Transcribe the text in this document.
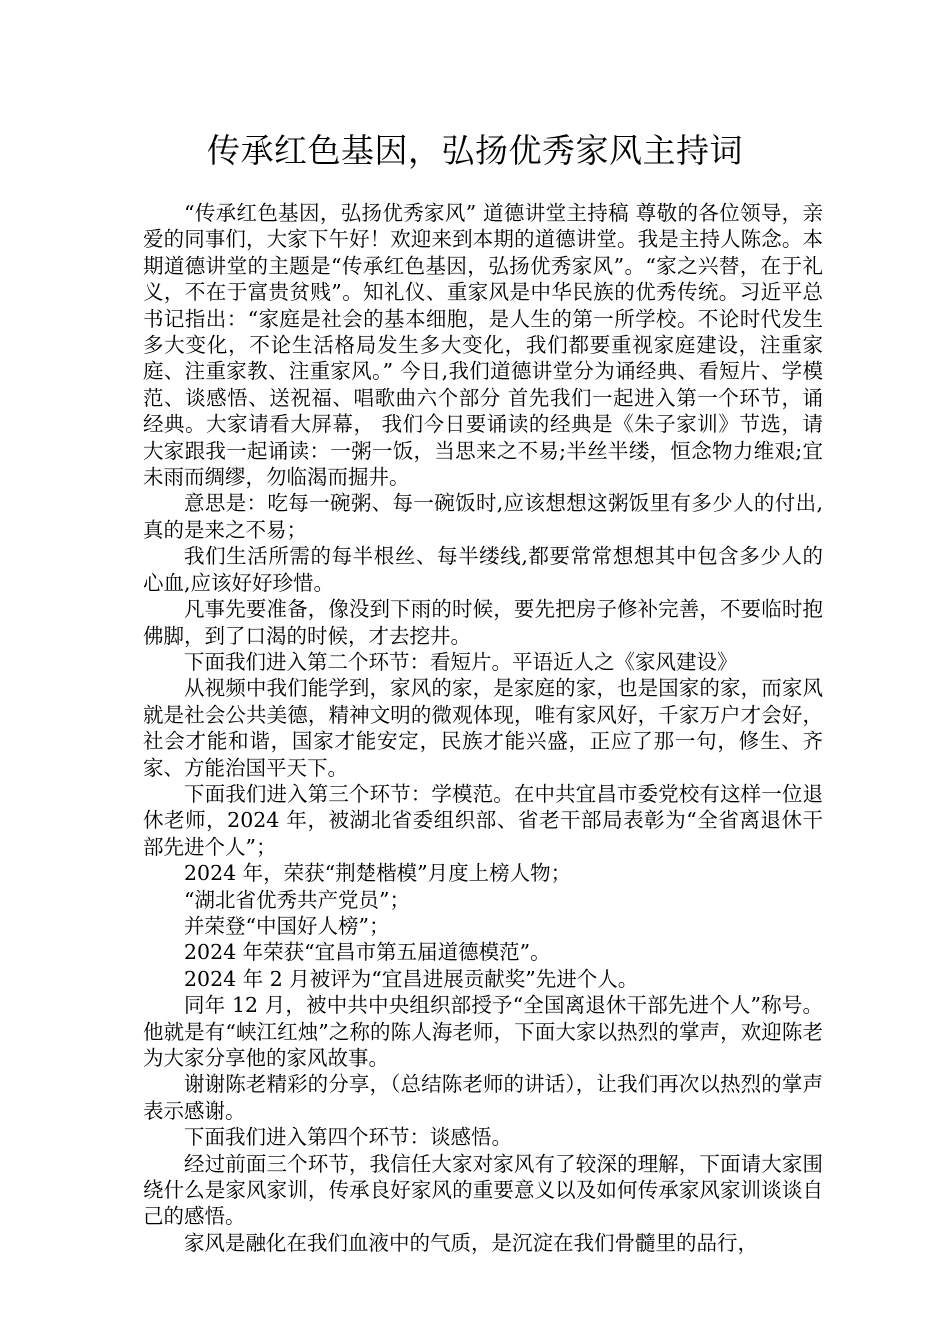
传承红色基因，弘扬优秀家风主持词

“传承红色基因，弘扬优秀家风” 道德讲堂主持稿 尊敬的各位领导，亲爱的同事们，大家下午好！欢迎来到本期的道德讲堂。我是主持人陈念。本期道德讲堂的主题是“传承红色基因，弘扬优秀家风”。“家之兴替，在于礼义，不在于富贵贫贱”。知礼仪、重家风是中华民族的优秀传统。习近平总书记指出：“家庭是社会的基本细胞，是人生的第一所学校。不论时代发生多大变化，不论生活格局发生多大变化，我们都要重视家庭建设，注重家庭、注重家教、注重家风。” 今日,我们道德讲堂分为诵经典、看短片、学模范、谈感悟、送祝福、唱歌曲六个部分 首先我们一起进入第一个环节，诵经典。大家请看大屏幕， 我们今日要诵读的经典是《朱子家训》节选，请大家跟我一起诵读：一粥一饭，当思来之不易;半丝半缕，恒念物力维艰;宜未雨而绸缪，勿临渴而掘井。

意思是：吃每一碗粥、每一碗饭时,应该想想这粥饭里有多少人的付出,真的是来之不易；

我们生活所需的每半根丝、每半缕线,都要常常想想其中包含多少人的心血,应该好好珍惜。

凡事先要准备，像没到下雨的时候，要先把房子修补完善，不要临时抱佛脚，到了口渴的时候，才去挖井。

下面我们进入第二个环节：看短片。平语近人之《家风建设》

从视频中我们能学到，家风的家，是家庭的家，也是国家的家，而家风就是社会公共美德，精神文明的微观体现，唯有家风好，千家万户才会好，社会才能和谐，国家才能安定，民族才能兴盛，正应了那一句，修生、齐家、方能治国平天下。

下面我们进入第三个环节：学模范。在中共宜昌市委党校有这样一位退休老师，2024 年，被湖北省委组织部、省老干部局表彰为“全省离退休干部先进个人”；

2024 年，荣获“荆楚楷模”月度上榜人物；

“湖北省优秀共产党员”；

并荣登“中国好人榜”；

2024 年荣获“宜昌市第五届道德模范”。

2024 年 2 月被评为“宜昌进展贡献奖”先进个人。

同年 12 月，被中共中央组织部授予“全国离退休干部先进个人”称号。他就是有“峡江红烛”之称的陈人海老师，下面大家以热烈的掌声，欢迎陈老为大家分享他的家风故事。

谢谢陈老精彩的分享，（总结陈老师的讲话），让我们再次以热烈的掌声表示感谢。

下面我们进入第四个环节：谈感悟。

经过前面三个环节，我信任大家对家风有了较深的理解，下面请大家围绕什么是家风家训，传承良好家风的重要意义以及如何传承家风家训谈谈自己的感悟。

家风是融化在我们血液中的气质，是沉淀在我们骨髓里的品行，
